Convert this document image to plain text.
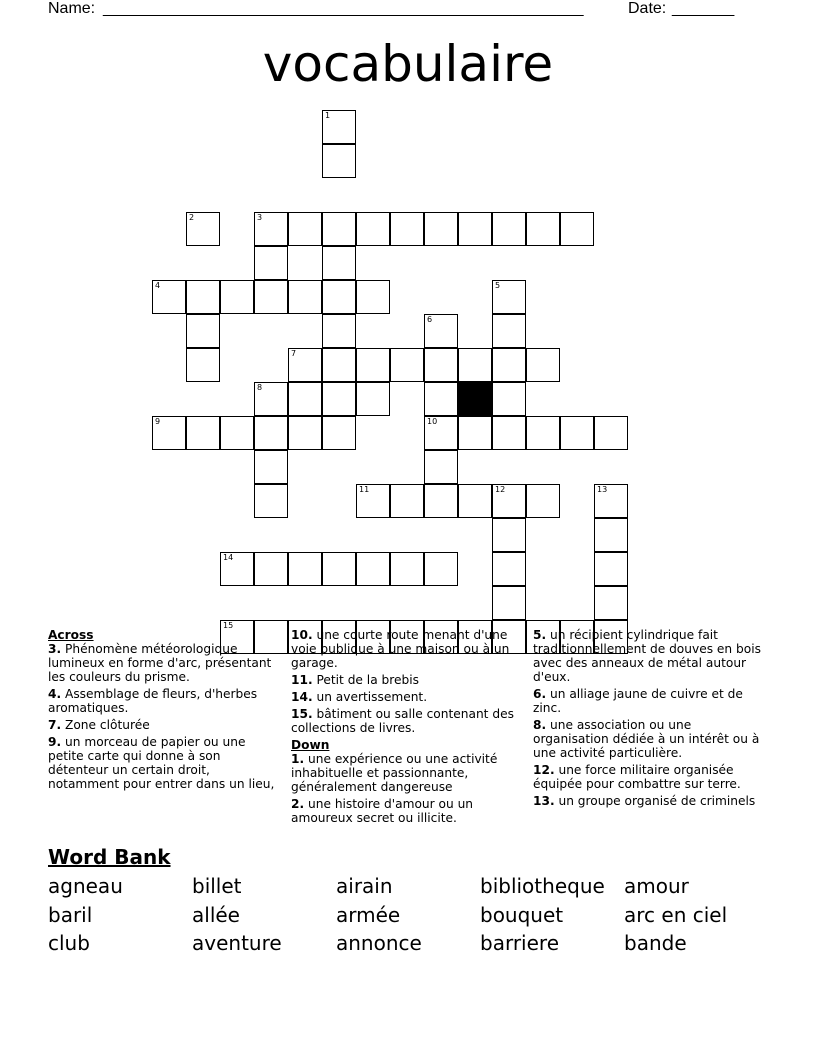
Name: ______________________________________________________	Date: _______
vocabulaire
1
2	3
4	5
6
7
8
9	10
11	12	13
14
15

Across

3. Phénomène météorologique lumineux en forme d'arc, présentant les couleurs du prisme.

4. Assemblage de fleurs, d'herbes aromatiques.

7. Zone clôturée

9. un morceau de papier ou une petite carte qui donne à son détenteur un certain droit, notamment pour entrer dans un lieu,

10. une courte route menant d'une voie publique à une maison ou à un garage.

11. Petit de la brebis

14. un avertissement.

15. bâtiment ou salle contenant des collections de livres.

Down

1. une expérience ou une activité inhabituelle et passionnante, généralement dangereuse

2. une histoire d'amour ou un amoureux secret ou illicite.

5. un récipient cylindrique fait traditionnellement de douves en bois avec des anneaux de métal autour d'eux.

6. un alliage jaune de cuivre et de zinc.

8. une association ou une organisation dédiée à un intérêt ou à une activité particulière.

12. une force militaire organisée équipée pour combattre sur terre.

13. un groupe organisé de criminels

Word Bank
agneau	billet	airain	bibliotheque amour
baril	allée	armée	bouquet	arc en ciel
club	aventure	annonce	barriere	bande
